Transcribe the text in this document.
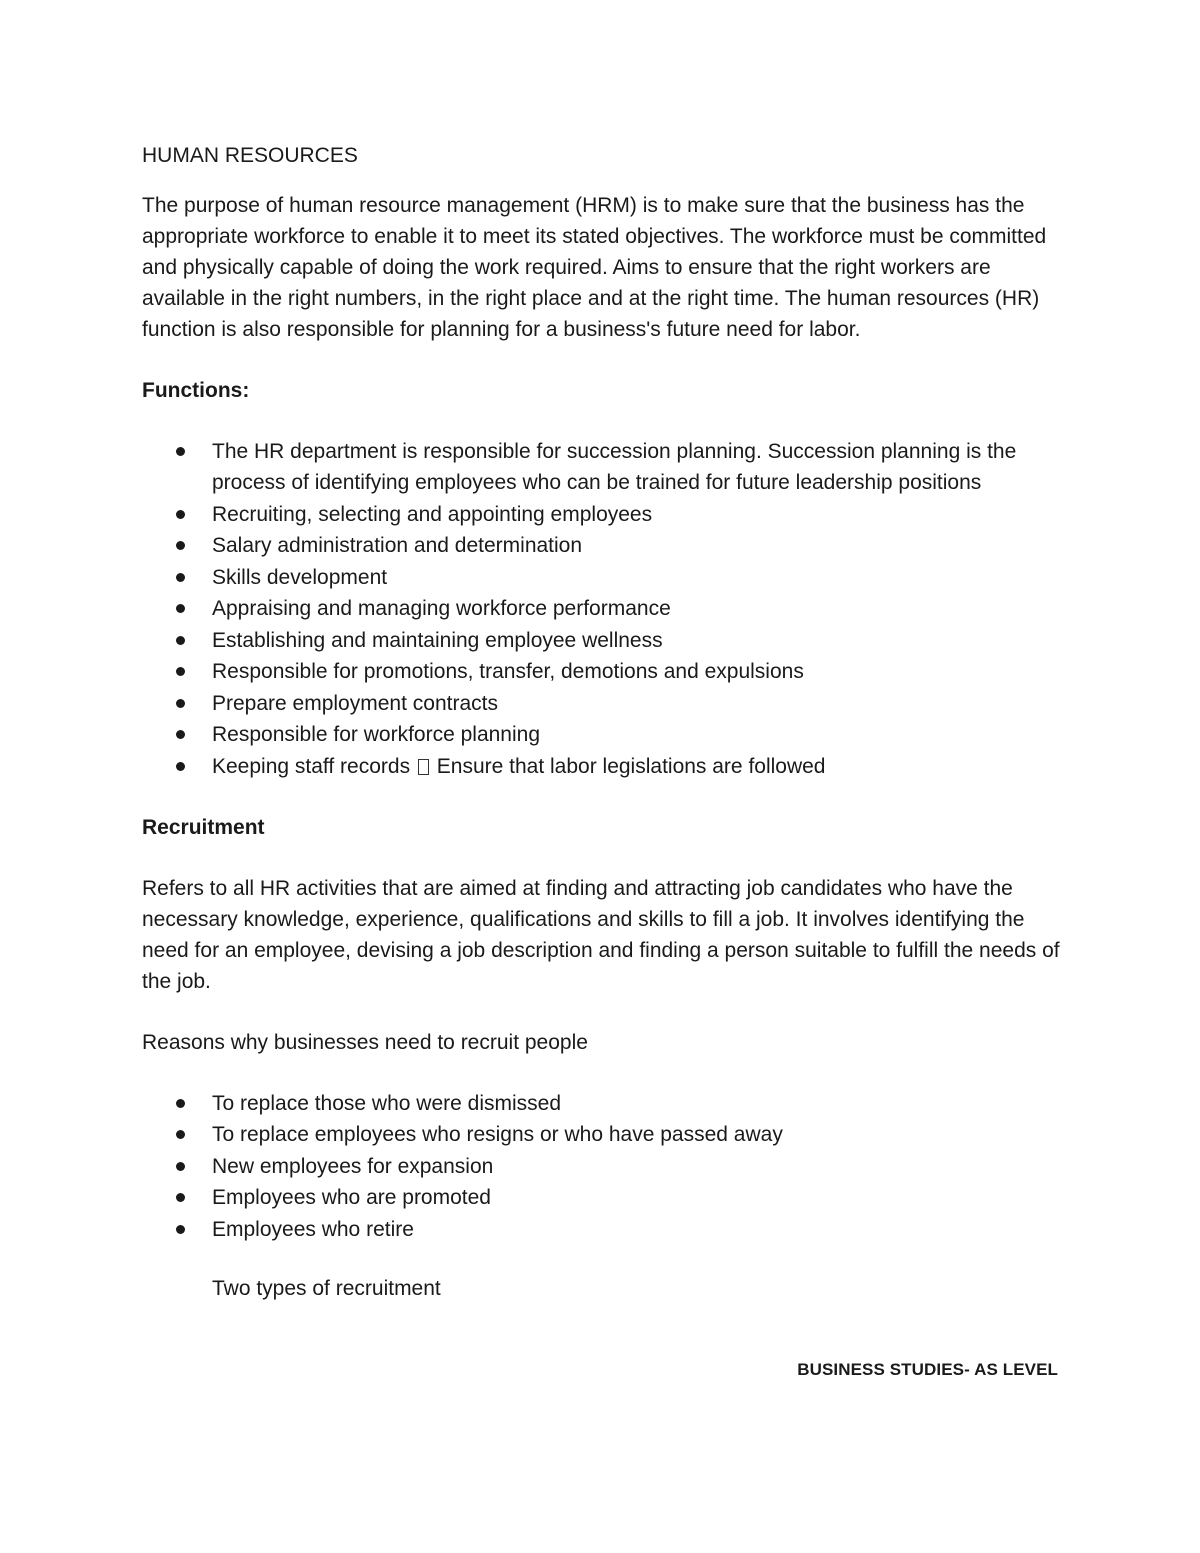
HUMAN RESOURCES

The purpose of human resource management (HRM) is to make sure that the business has the appropriate workforce to enable it to meet its stated objectives. The workforce must be committed and physically capable of doing the work required. Aims to ensure that the right workers are available in the right numbers, in the right place and at the right time. The human resources (HR) function is also responsible for planning for a business's future need for labor.

Functions:

The HR department is responsible for succession planning. Succession planning is the process of identifying employees who can be trained for future leadership positions
Recruiting, selecting and appointing employees
Salary administration and determination
Skills development
Appraising and managing workforce performance
Establishing and maintaining employee wellness
Responsible for promotions, transfer, demotions and expulsions
Prepare employment contracts
Responsible for workforce planning
Keeping staff records Ensure that labor legislations are followed

Recruitment

Refers to all HR activities that are aimed at finding and attracting job candidates who have the necessary knowledge, experience, qualifications and skills to fill a job. It involves identifying the need for an employee, devising a job description and finding a person suitable to fulfill the needs of the job.

Reasons why businesses need to recruit people

To replace those who were dismissed
To replace employees who resigns or who have passed away
New employees for expansion
Employees who are promoted
Employees who retire

Two types of recruitment

BUSINESS STUDIES- AS LEVEL
